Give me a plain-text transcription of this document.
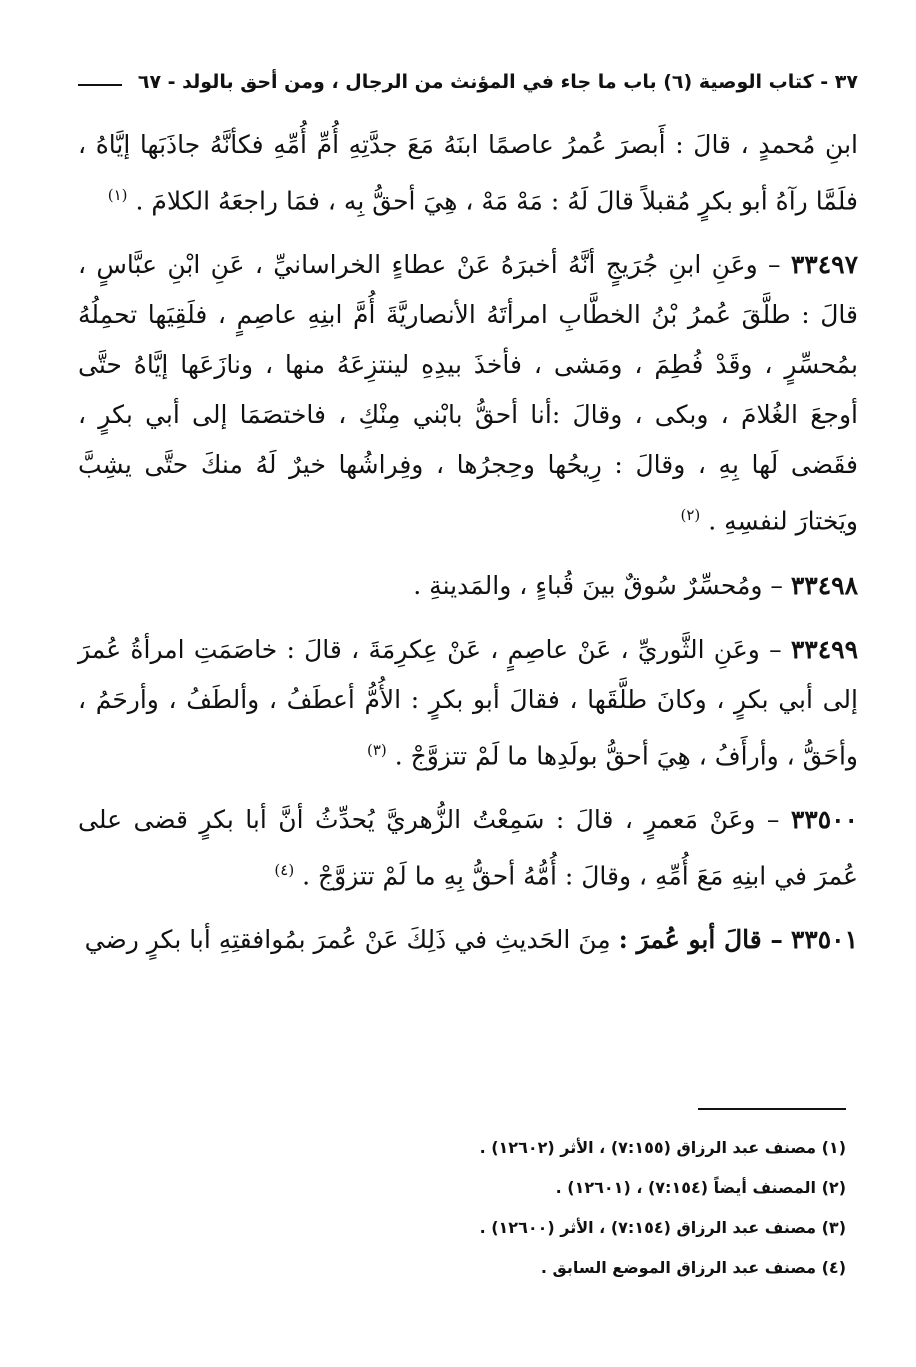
٣٧ - كتاب الوصية (٦) باب ما جاء في المؤنث من الرجال ، ومن أحق بالولد - ٦٧

ابنِ مُحمدٍ ، قالَ : أَبصرَ عُمرُ عاصمًا ابنَهُ مَعَ جدَّتِهِ أُمِّ أُمِّهِ فكأنَّهُ جاذَبَها إيَّاهُ ، فلَمَّا رآهُ أبو بكرٍ مُقبلاً قالَ لَهُ : مَهْ مَهْ ، هِيَ أحقُّ بِه ، فمَا راجعَهُ الكلامَ . $^{(١)}$

٣٣٤٩٧ – وعَنِ ابنِ جُرَيجٍ أنَّهُ أخبرَهُ عَنْ عطاءٍ الخراسانيِّ ، عَنِ ابْنِ عبَّاسٍ ، قالَ : طلَّقَ عُمرُ بْنُ الخطَّابِ امرأتَهُ الأنصاريَّةَ أُمَّ ابنِهِ عاصِمٍ ، فلَقِيَها تحمِلُهُ بمُحسِّرٍ ، وقَدْ فُطِمَ ، ومَشى ، فأخذَ بيدِهِ لينتزِعَهُ منها ، ونازَعَها إيَّاهُ حتَّى أوجعَ الغُلامَ ، وبكى ، وقالَ :أنا أحقُّ بابْني مِنْكِ ، فاختصَمَا إلى أبي بكرٍ ، فقَضى لَها بِهِ ، وقالَ : رِيحُها وحِجرُها ، وفِراشُها خيرٌ لَهُ منكَ حتَّى يشِبَّ ويَختارَ لنفسِهِ . $^{(٢)}$

٣٣٤٩٨ – ومُحسِّرٌ سُوقٌ بينَ قُباءٍ ، والمَدينةِ .

٣٣٤٩٩ – وعَنِ الثَّوريِّ ، عَنْ عاصِمٍ ، عَنْ عِكرِمَةَ ، قالَ : خاصَمَتِ امرأةُ عُمرَ إلى أبي بكرٍ ، وكانَ طلَّقَها ، فقالَ أبو بكرٍ : الأُمُّ أعطَفُ ، وألطَفُ ، وأرحَمُ ، وأحَقُّ ، وأرأَفُ ، هِيَ أحقُّ بولَدِها ما لَمْ تتزوَّجْ . $^{(٣)}$

٣٣٥٠٠ – وعَنْ مَعمرٍ ، قالَ : سَمِعْتُ الزُّهريَّ يُحدِّثُ أنَّ أبا بكرٍ قضى على عُمرَ في ابنِهِ مَعَ أُمِّهِ ، وقالَ : أُمُّهُ أحقُّ بِهِ ما لَمْ تتزوَّجْ . $^{(٤)}$

٣٣٥٠١ – قالَ أبو عُمرَ : مِنَ الحَديثِ في ذَلِكَ عَنْ عُمرَ بمُوافقتِهِ أبا بكرٍ رضي

(١) مصنف عبد الرزاق (٧:١٥٥) ، الأثر (١٢٦٠٢) .

(٢) المصنف أيضاً (٧:١٥٤) ، (١٢٦٠١) .

(٣) مصنف عبد الرزاق (٧:١٥٤) ، الأثر (١٢٦٠٠) .

(٤) مصنف عبد الرزاق الموضع السابق .
